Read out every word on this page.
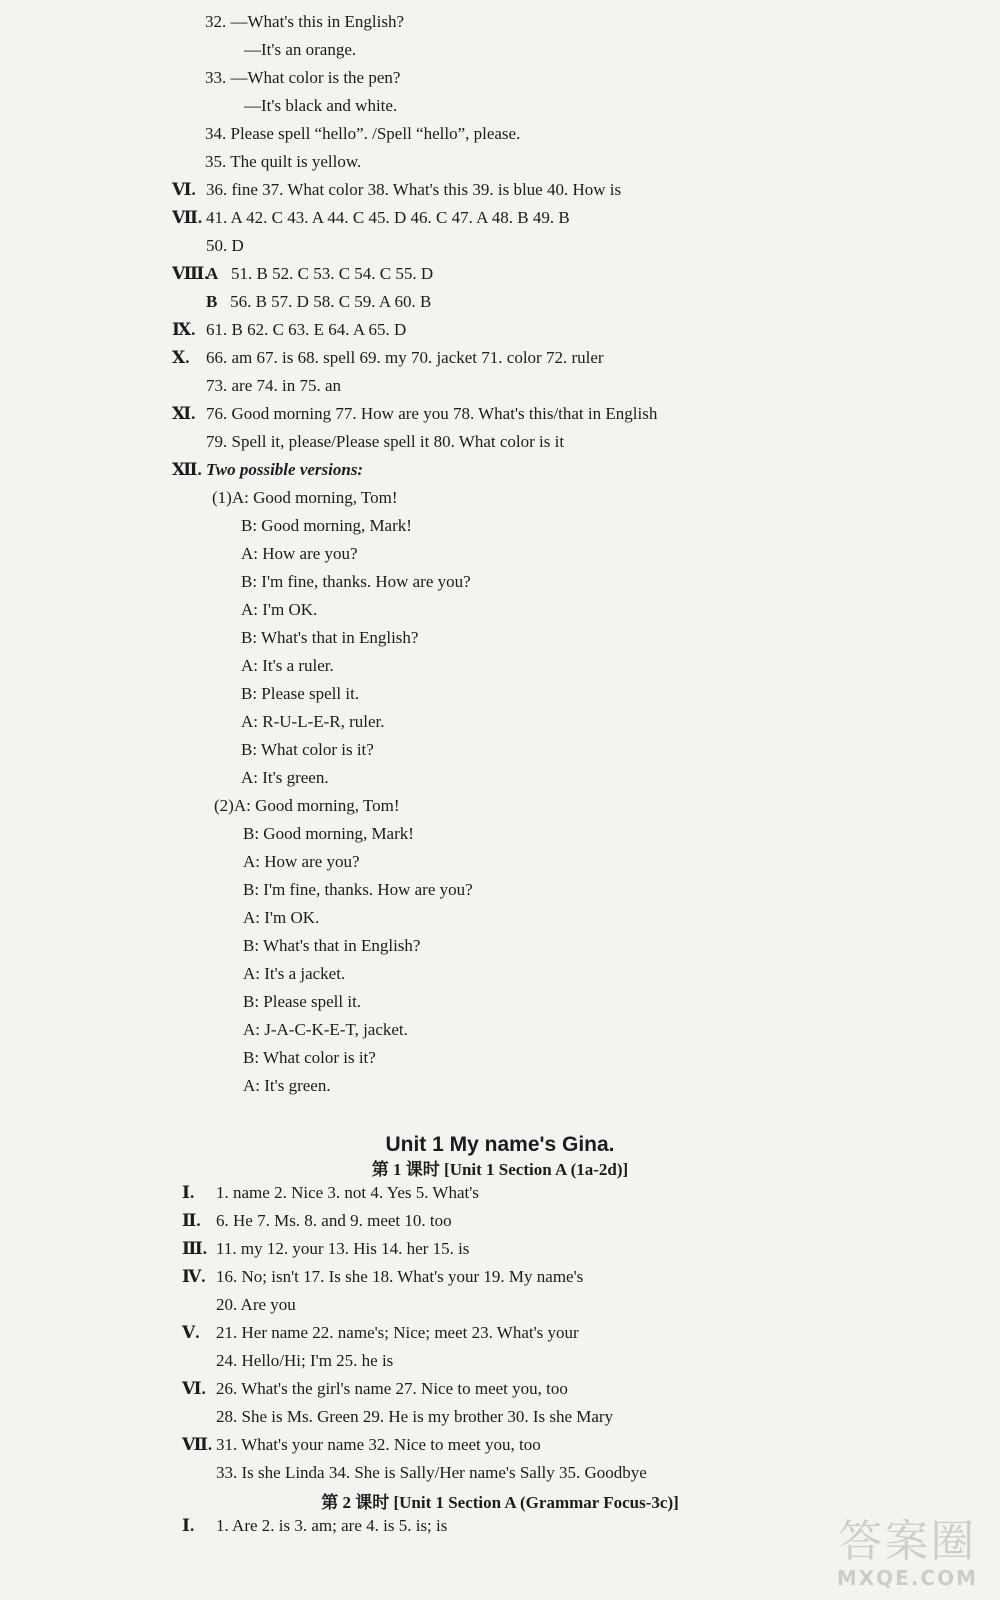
32. —What's this in English?
—It's an orange.
33. —What color is the pen?
—It's black and white.
34. Please spell “hello”. /Spell “hello”, please.
35. The quilt is yellow.
Ⅵ. 36. fine 37. What color 38. What's this 39. is blue 40. How is
Ⅶ. 41. A 42. C 43. A 44. C 45. D 46. C 47. A 48. B 49. B
50. D
Ⅷ.A 51. B 52. C 53. C 54. C 55. D
B 56. B 57. D 58. C 59. A 60. B
Ⅸ. 61. B 62. C 63. E 64. A 65. D
Ⅹ. 66. am 67. is 68. spell 69. my 70. jacket 71. color 72. ruler
73. are 74. in 75. an
Ⅺ. 76. Good morning 77. How are you 78. What's this/that in English
79. Spell it, please/Please spell it 80. What color is it
Ⅻ. Two possible versions:
(1)A: Good morning, Tom!
B: Good morning, Mark!
A: How are you?
B: I'm fine, thanks. How are you?
A: I'm OK.
B: What's that in English?
A: It's a ruler.
B: Please spell it.
A: R-U-L-E-R, ruler.
B: What color is it?
A: It's green.
(2)A: Good morning, Tom!
B: Good morning, Mark!
A: How are you?
B: I'm fine, thanks. How are you?
A: I'm OK.
B: What's that in English?
A: It's a jacket.
B: Please spell it.
A: J-A-C-K-E-T, jacket.
B: What color is it?
A: It's green.
Unit 1 My name's Gina.
第 1 课时 [Unit 1 Section A (1a-2d)]
Ⅰ. 1. name 2. Nice 3. not 4. Yes 5. What's
Ⅱ. 6. He 7. Ms. 8. and 9. meet 10. too
Ⅲ. 11. my 12. your 13. His 14. her 15. is
Ⅳ. 16. No; isn't 17. Is she 18. What's your 19. My name's
20. Are you
Ⅴ. 21. Her name 22. name's; Nice; meet 23. What's your
24. Hello/Hi; I'm 25. he is
Ⅵ. 26. What's the girl's name 27. Nice to meet you, too
28. She is Ms. Green 29. He is my brother 30. Is she Mary
Ⅶ. 31. What's your name 32. Nice to meet you, too
33. Is she Linda 34. She is Sally/Her name's Sally 35. Goodbye
第 2 课时 [Unit 1 Section A (Grammar Focus-3c)]
Ⅰ. 1. Are 2. is 3. am; are 4. is 5. is; is	答案圈
MXQE.COM
